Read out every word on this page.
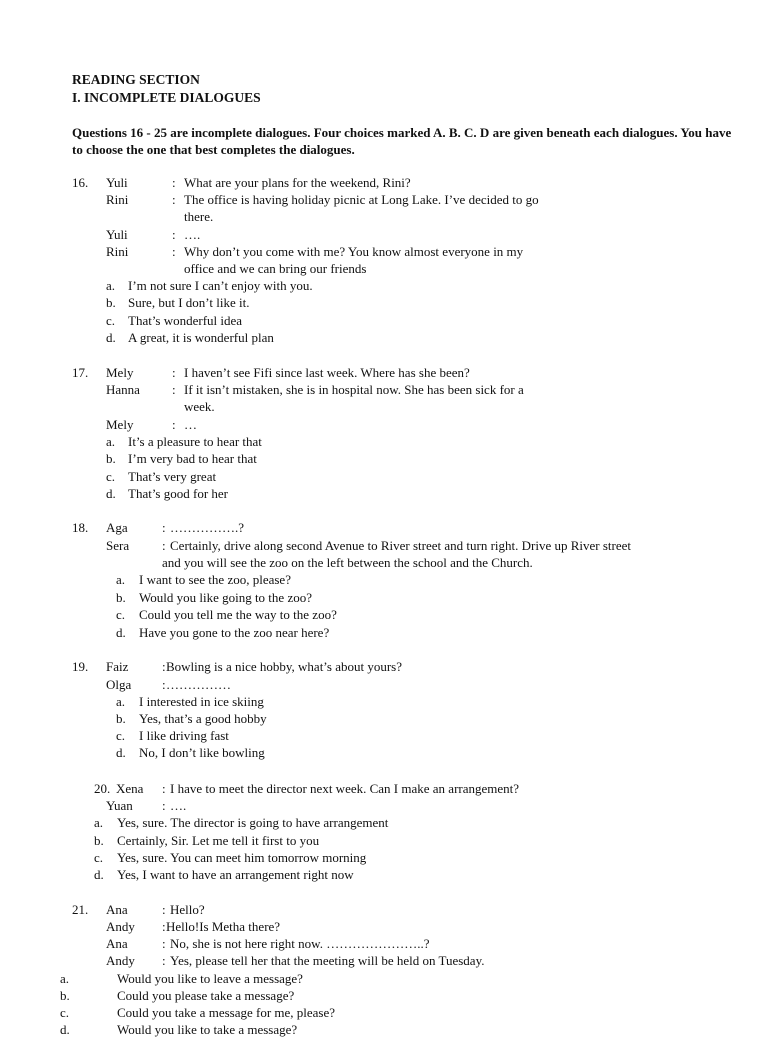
READING SECTION
I. INCOMPLETE DIALOGUES
Questions 16 - 25 are incomplete dialogues. Four choices marked A. B. C. D are given beneath each dialogues. You have to choose the one that best completes the dialogues.
16. Yuli	: What are your plans for the weekend, Rini?
Rini	: The office is having holiday picnic at Long Lake. I’ve decided to go
there.
Yuli	: ….
Rini	: Why don’t you come with me? You know almost everyone in my
office and we can bring our friends
a. I’m not sure I can’t enjoy with you.
b. Sure, but I don’t like it.
c. That’s wonderful idea
d. A great, it is wonderful plan
17. Mely	: I haven’t see Fifi since last week. Where has she been?
Hanna : If it isn’t mistaken, she is in hospital now. She has been sick for a
week.
Mely	: …
a. It’s a pleasure to hear that
b. I’m very bad to hear that
c. That’s very great
d. That’s good for her
18. Aga	: …………….?
Sera	: Certainly, drive along second Avenue to River street and turn right. Drive up River street
and you will see the zoo on the left between the school and the Church.
a. I want to see the zoo, please?
b. Would you like going to the zoo?
c. Could you tell me the way to the zoo?
d. Have you gone to the zoo near here?
19. Faiz	: Bowling is a nice hobby, what’s about yours?
Olga : ……………
a. I interested in ice skiing
b. Yes, that’s a good hobby
c. I like driving fast
d. No, I don’t like bowling
20. Xena : I have to meet the director next week. Can I make an arrangement?
Yuan : ….
a. Yes, sure. The director is going to have arrangement
b. Certainly, Sir. Let me tell it first to you
c. Yes, sure. You can meet him tomorrow morning
d. Yes, I want to have an arrangement right now
21. Ana	: Hello?
Andy : Hello!Is Metha there?
Ana	: No, she is not here right now. …………………..?
Andy : Yes, please tell her that the meeting will be held on Tuesday.
a.	Would you like to leave a message?
b.	Could you please take a message?
c.	Could you take a message for me, please?
d.	Would you like to take a message?
